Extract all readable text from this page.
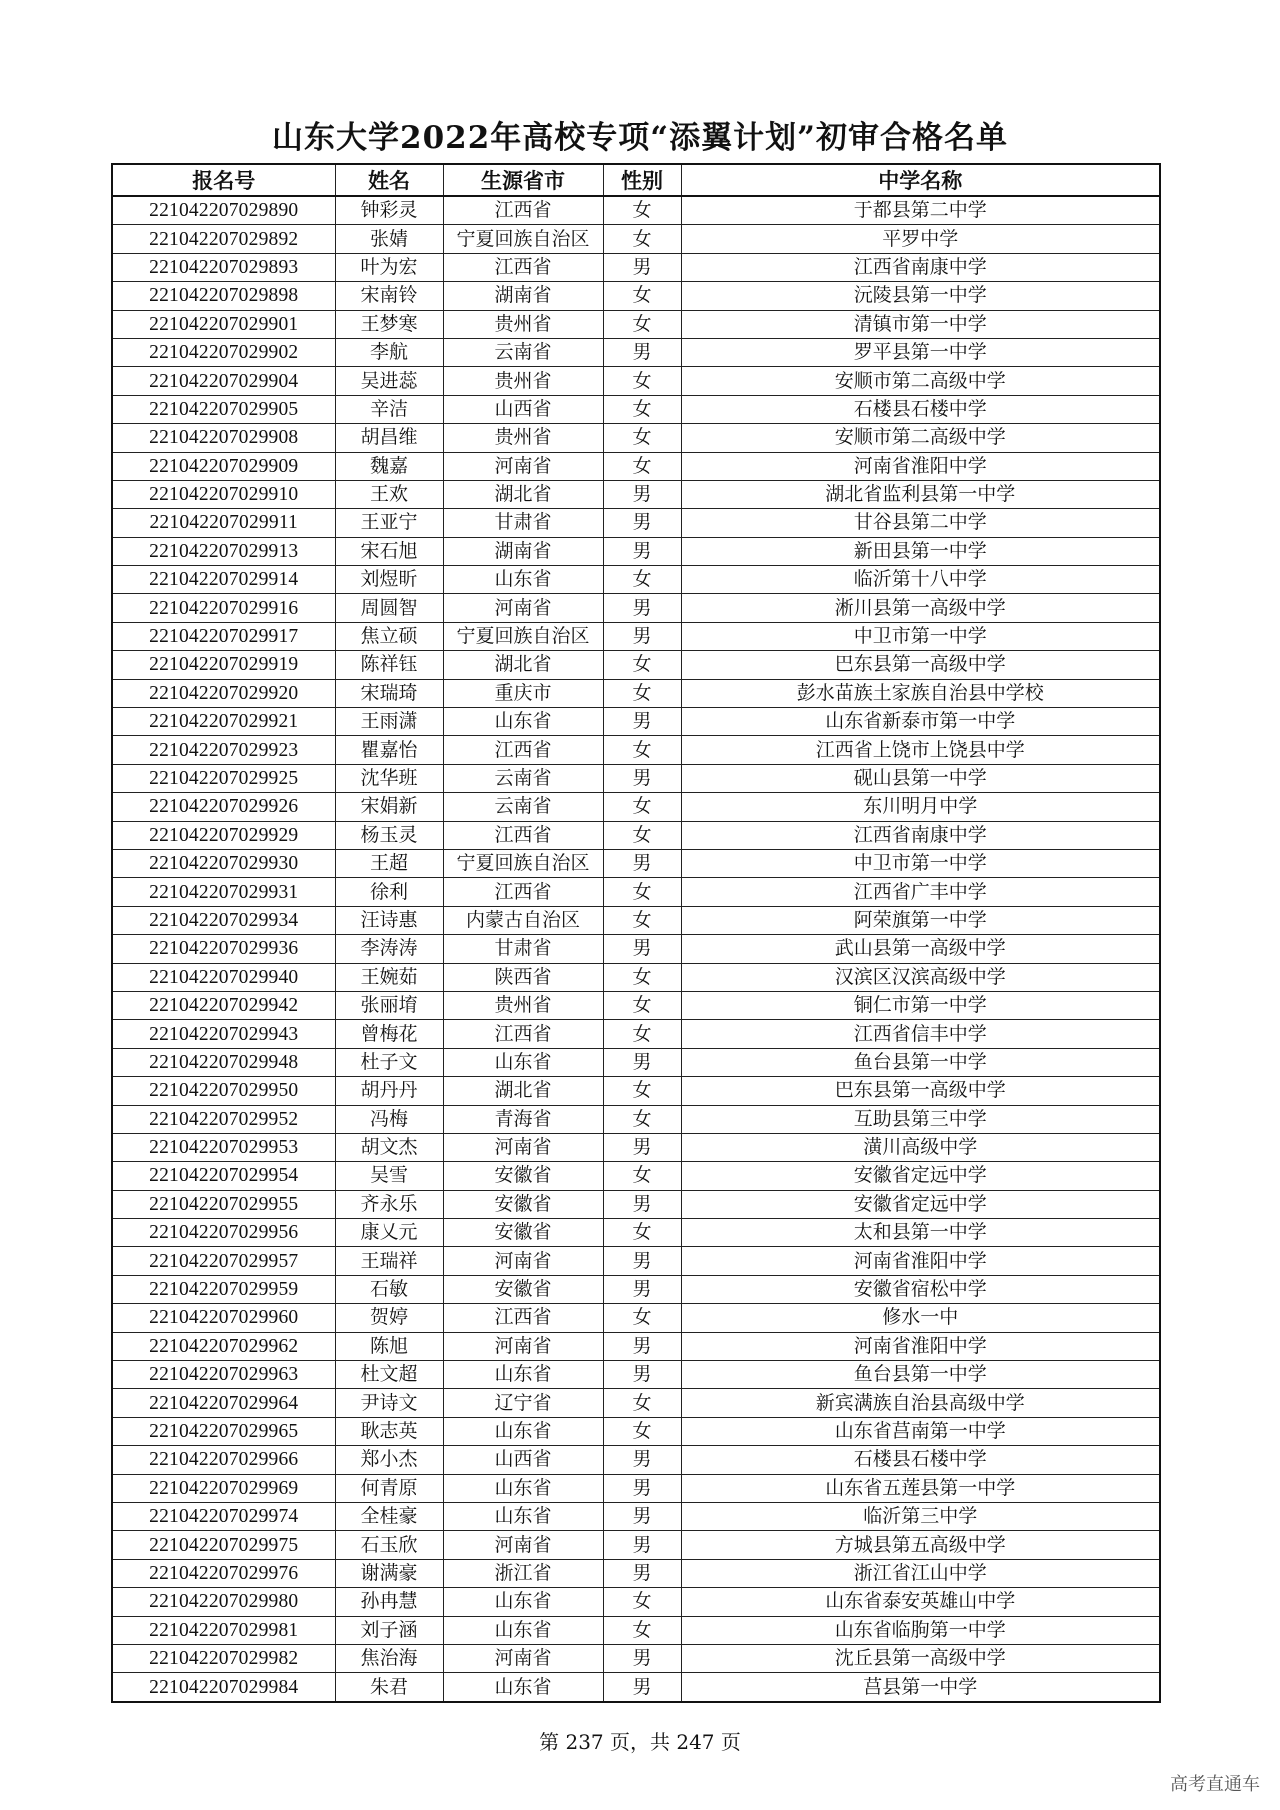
山东大学2022年高校专项“添翼计划”初审合格名单
报名号	姓名	生源省市	性别	中学名称
221042207029890	钟彩灵	江西省	女	于都县第二中学
221042207029892	张婧	宁夏回族自治区	女	平罗中学
221042207029893	叶为宏	江西省	男	江西省南康中学
221042207029898	宋南铃	湖南省	女	沅陵县第一中学
221042207029901	王梦寒	贵州省	女	清镇市第一中学
221042207029902	李航	云南省	男	罗平县第一中学
221042207029904	吴进蕊	贵州省	女	安顺市第二高级中学
221042207029905	辛洁	山西省	女	石楼县石楼中学
221042207029908	胡昌维	贵州省	女	安顺市第二高级中学
221042207029909	魏嘉	河南省	女	河南省淮阳中学
221042207029910	王欢	湖北省	男	湖北省监利县第一中学
221042207029911	王亚宁	甘肃省	男	甘谷县第二中学
221042207029913	宋石旭	湖南省	男	新田县第一中学
221042207029914	刘煜昕	山东省	女	临沂第十八中学
221042207029916	周圆智	河南省	男	淅川县第一高级中学
221042207029917	焦立硕	宁夏回族自治区	男	中卫市第一中学
221042207029919	陈祥钰	湖北省	女	巴东县第一高级中学
221042207029920	宋瑞琦	重庆市	女	彭水苗族土家族自治县中学校
221042207029921	王雨潇	山东省	男	山东省新泰市第一中学
221042207029923	瞿嘉怡	江西省	女	江西省上饶市上饶县中学
221042207029925	沈华班	云南省	男	砚山县第一中学
221042207029926	宋娟新	云南省	女	东川明月中学
221042207029929	杨玉灵	江西省	女	江西省南康中学
221042207029930	王超	宁夏回族自治区	男	中卫市第一中学
221042207029931	徐利	江西省	女	江西省广丰中学
221042207029934	汪诗惠	内蒙古自治区	女	阿荣旗第一中学
221042207029936	李涛涛	甘肃省	男	武山县第一高级中学
221042207029940	王婉茹	陕西省	女	汉滨区汉滨高级中学
221042207029942	张丽堉	贵州省	女	铜仁市第一中学
221042207029943	曾梅花	江西省	女	江西省信丰中学
221042207029948	杜子文	山东省	男	鱼台县第一中学
221042207029950	胡丹丹	湖北省	女	巴东县第一高级中学
221042207029952	冯梅	青海省	女	互助县第三中学
221042207029953	胡文杰	河南省	男	潢川高级中学
221042207029954	吴雪	安徽省	女	安徽省定远中学
221042207029955	齐永乐	安徽省	男	安徽省定远中学
221042207029956	康乂元	安徽省	女	太和县第一中学
221042207029957	王瑞祥	河南省	男	河南省淮阳中学
221042207029959	石敏	安徽省	男	安徽省宿松中学
221042207029960	贺婷	江西省	女	修水一中
221042207029962	陈旭	河南省	男	河南省淮阳中学
221042207029963	杜文超	山东省	男	鱼台县第一中学
221042207029964	尹诗文	辽宁省	女	新宾满族自治县高级中学
221042207029965	耿志英	山东省	女	山东省莒南第一中学
221042207029966	郑小杰	山西省	男	石楼县石楼中学
221042207029969	何青原	山东省	男	山东省五莲县第一中学
221042207029974	全桂豪	山东省	男	临沂第三中学
221042207029975	石玉欣	河南省	男	方城县第五高级中学
221042207029976	谢满豪	浙江省	男	浙江省江山中学
221042207029980	孙冉慧	山东省	女	山东省泰安英雄山中学
221042207029981	刘子涵	山东省	女	山东省临朐第一中学
221042207029982	焦治海	河南省	男	沈丘县第一高级中学
221042207029984	朱君	山东省	男	莒县第一中学
第 237 页，共 247 页
高考直通车
